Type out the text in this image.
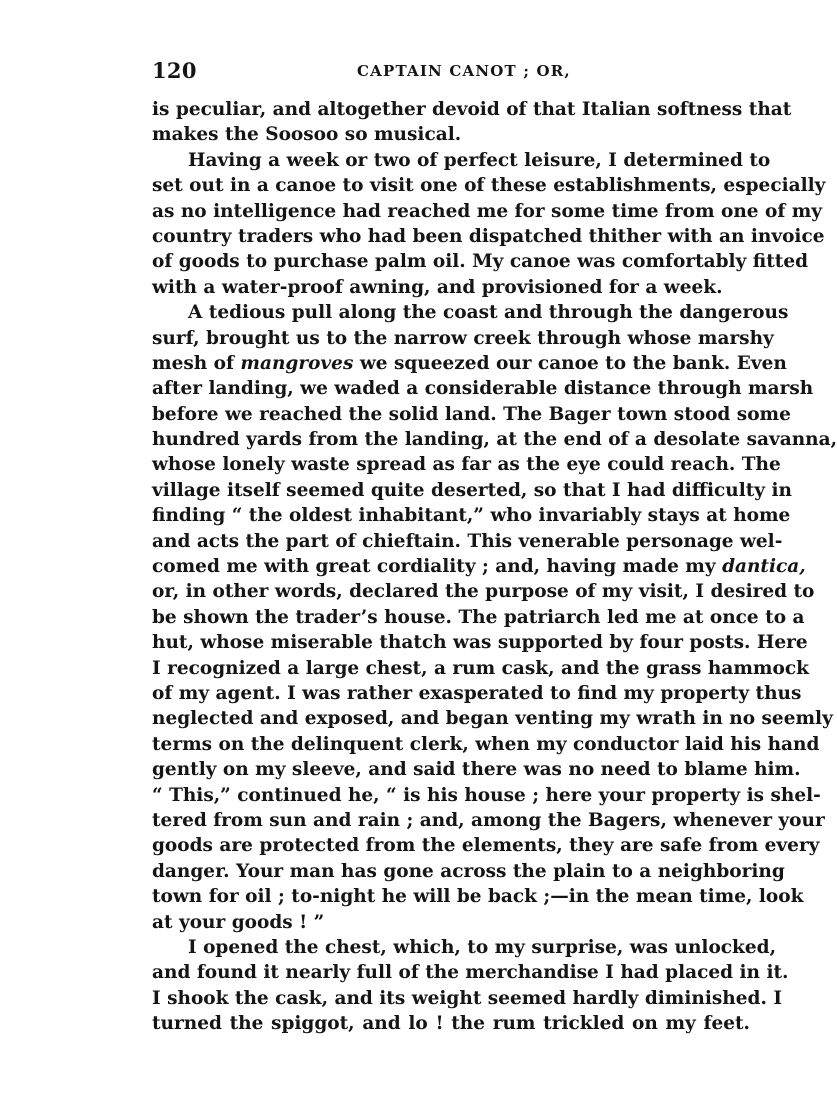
120	CAPTAIN CANOT ; OR,
is peculiar, and altogether devoid of that Italian softness that
makes the Soosoo so musical.
Having a week or two of perfect leisure, I determined to
set out in a canoe to visit one of these establishments, especially
as no intelligence had reached me for some time from one of my
country traders who had been dispatched thither with an invoice
of goods to purchase palm oil. My canoe was comfortably fitted
with a water-proof awning, and provisioned for a week.
A tedious pull along the coast and through the dangerous
surf, brought us to the narrow creek through whose marshy
mesh of mangroves we squeezed our canoe to the bank. Even
after landing, we waded a considerable distance through marsh
before we reached the solid land. The Bager town stood some
hundred yards from the landing, at the end of a desolate savanna,
whose lonely waste spread as far as the eye could reach. The
village itself seemed quite deserted, so that I had difficulty in
finding “ the oldest inhabitant,” who invariably stays at home
and acts the part of chieftain. This venerable personage wel-
comed me with great cordiality ; and, having made my dantica,
or, in other words, declared the purpose of my visit, I desired to
be shown the trader’s house. The patriarch led me at once to a
hut, whose miserable thatch was supported by four posts. Here
I recognized a large chest, a rum cask, and the grass hammock
of my agent. I was rather exasperated to find my property thus
neglected and exposed, and began venting my wrath in no seemly
terms on the delinquent clerk, when my conductor laid his hand
gently on my sleeve, and said there was no need to blame him.
“ This,” continued he, “ is his house ; here your property is shel-
tered from sun and rain ; and, among the Bagers, whenever your
goods are protected from the elements, they are safe from every
danger. Your man has gone across the plain to a neighboring
town for oil ; to-night he will be back ;—in the mean time, look
at your goods ! ”
I opened the chest, which, to my surprise, was unlocked,
and found it nearly full of the merchandise I had placed in it.
I shook the cask, and its weight seemed hardly diminished. I
turned the spiggot, and lo ! the rum trickled on my feet.
